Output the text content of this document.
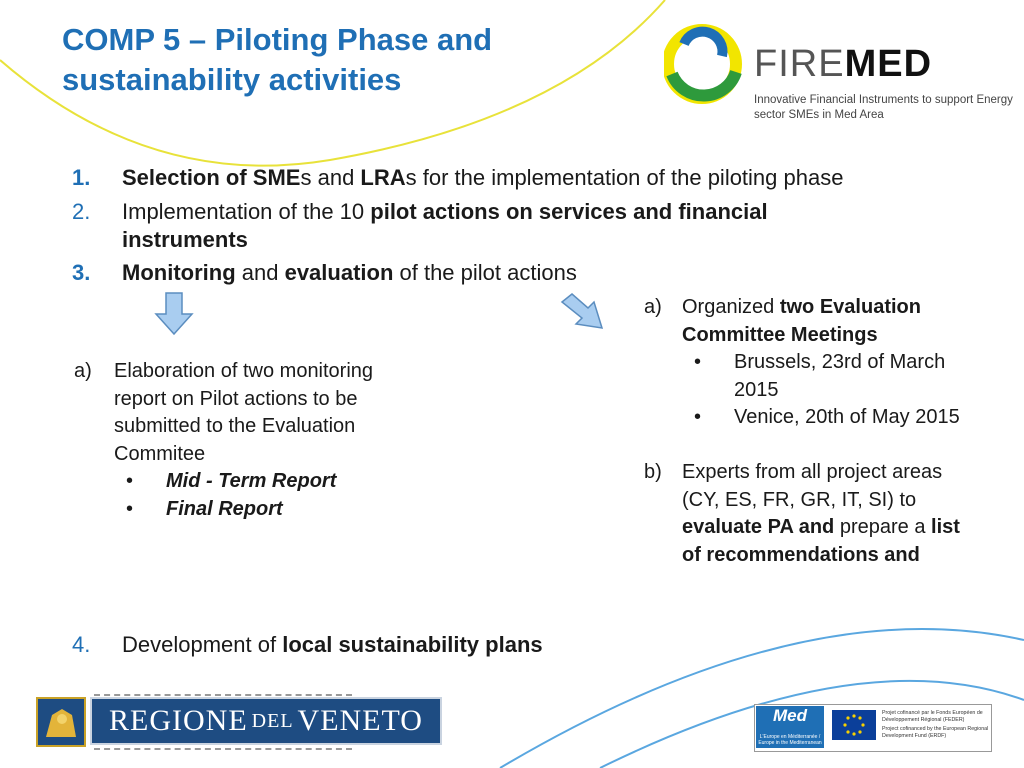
COMP 5 – Piloting Phase and sustainability activities	FIREMED
Innovative Financial Instruments to support Energy sector SMEs in Med Area
1. Selection of SMEs and LRAs for the implementation of the piloting phase
2. Implementation of the 10 pilot actions on services and financial
instruments
3. Monitoring and evaluation of the pilot actions
4. Development of local sustainability plans
a) Elaboration of two monitoring
report on Pilot actions to be
submitted to the Evaluation
Commitee
• Mid - Term Report
• Final Report
a) Organized two Evaluation
Committee Meetings
• Brussels, 23rd of March
2015
• Venice, 20th of May 2015
b) Experts from all project areas
(CY, ES, FR, GR, IT, SI) to
evaluate PA and prepare a list
of recommendations and
REGIONE DEL VENETO	Med
L'Europe en Méditerranée / Europe in the Mediterranean
Projet cofinancé par le Fonds Européen de Développement Régional (FEDER)
Project cofinanced by the European Regional Development Fund (ERDF)
